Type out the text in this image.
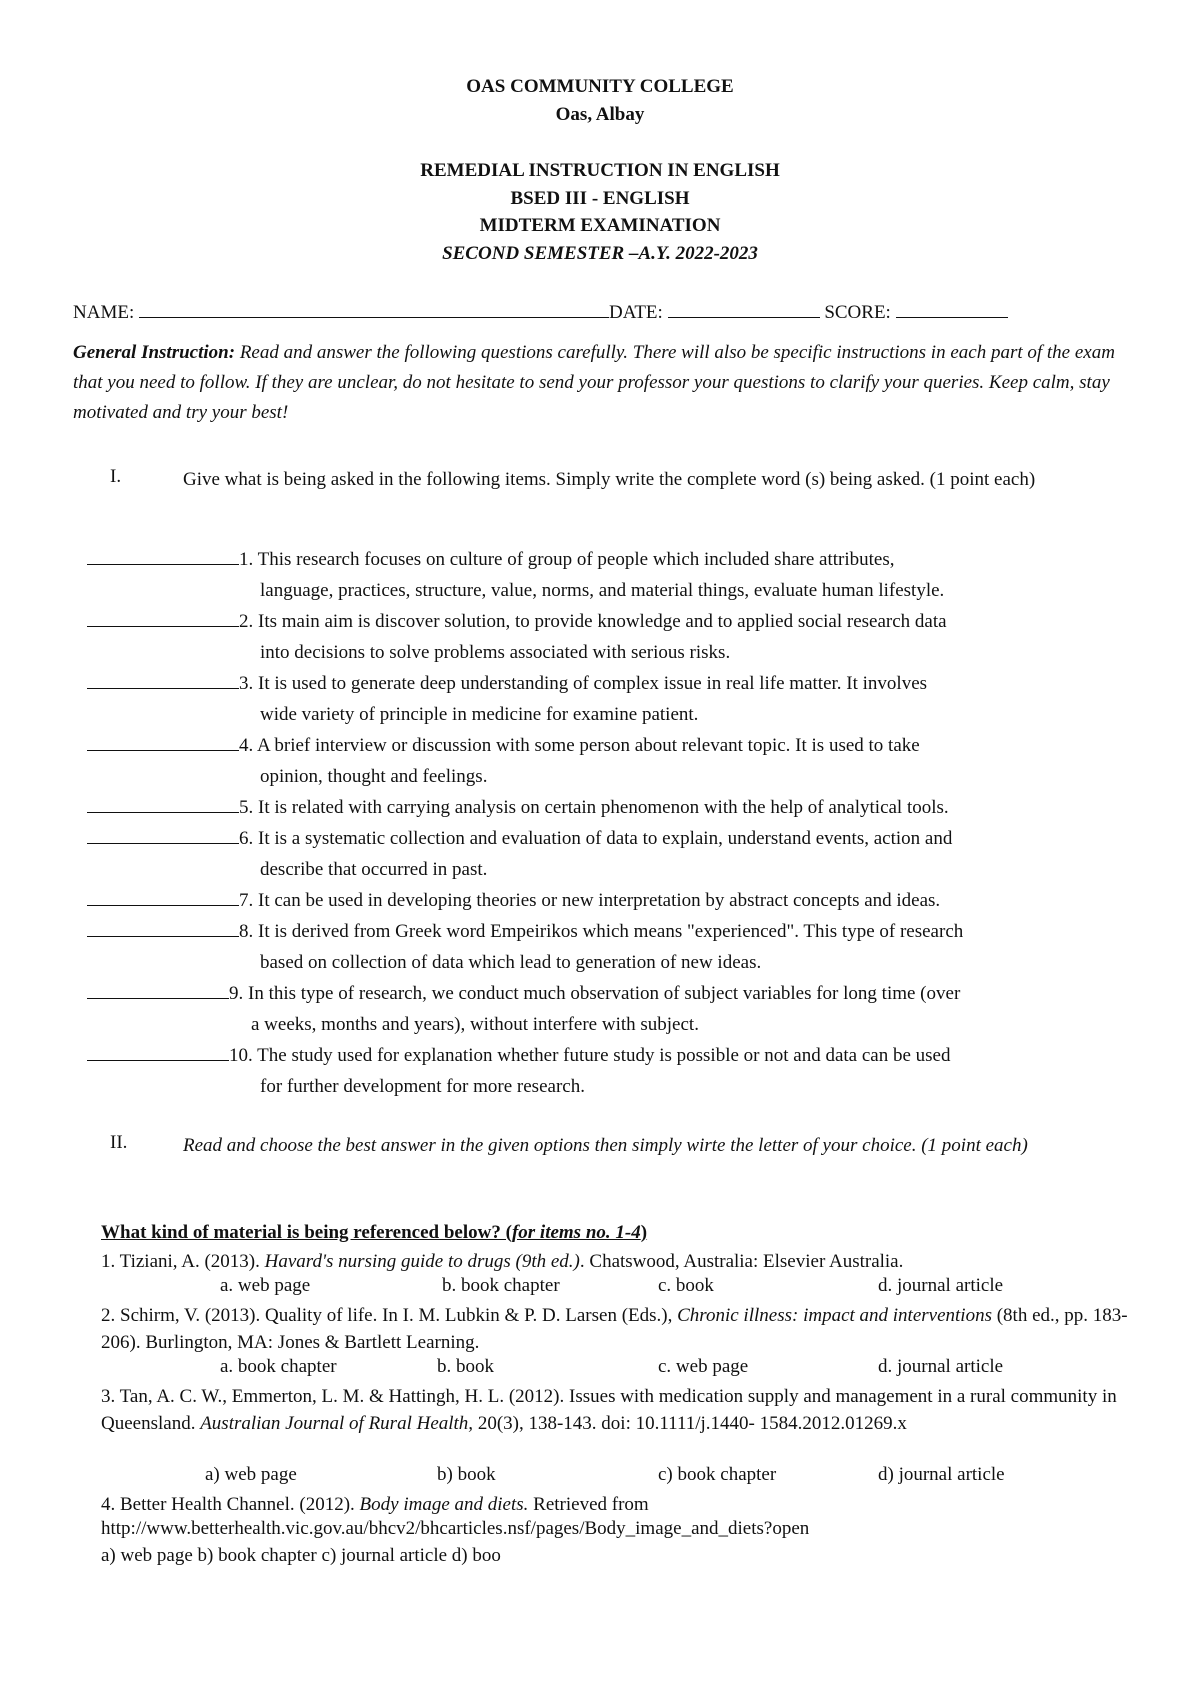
OAS COMMUNITY COLLEGE
Oas, Albay
REMEDIAL INSTRUCTION IN ENGLISH
BSED III - ENGLISH
MIDTERM EXAMINATION
SECOND SEMESTER –A.Y. 2022-2023
NAME:	DATE:	SCORE:
General Instruction: Read and answer the following questions carefully. There will also be specific instructions in each part of the exam that you need to follow. If they are unclear, do not hesitate to send your professor your questions to clarify your queries. Keep calm, stay motivated and try your best!
I.	Give what is being asked in the following items. Simply write the complete word (s) being asked. (1 point each)
1. This research focuses on culture of group of people which included share attributes,
language, practices, structure, value, norms, and material things, evaluate human lifestyle.
2. Its main aim is discover solution, to provide knowledge and to applied social research data
into decisions to solve problems associated with serious risks.
3. It is used to generate deep understanding of complex issue in real life matter. It involves
wide variety of principle in medicine for examine patient.
4. A brief interview or discussion with some person about relevant topic. It is used to take
opinion, thought and feelings.
5. It is related with carrying analysis on certain phenomenon with the help of analytical tools.
6. It is a systematic collection and evaluation of data to explain, understand events, action and
describe that occurred in past.
7. It can be used in developing theories or new interpretation by abstract concepts and ideas.
8. It is derived from Greek word Empeirikos which means "experienced". This type of research
based on collection of data which lead to generation of new ideas.
9. In this type of research, we conduct much observation of subject variables for long time (over
a weeks, months and years), without interfere with subject.
10. The study used for explanation whether future study is possible or not and data can be used
for further development for more research.
II.	Read and choose the best answer in the given options then simply wirte the letter of your choice. (1 point each)
What kind of material is being referenced below? (for items no. 1-4)
1. Tiziani, A. (2013). Havard's nursing guide to drugs (9th ed.). Chatswood, Australia: Elsevier Australia.
a. web page	b. book chapter	c. book	d. journal article
2. Schirm, V. (2013). Quality of life. In I. M. Lubkin & P. D. Larsen (Eds.), Chronic illness: impact and interventions (8th ed., pp. 183-206). Burlington, MA: Jones & Bartlett Learning.
a. book chapter	b. book	c. web page	d. journal article
3. Tan, A. C. W., Emmerton, L. M. & Hattingh, H. L. (2012). Issues with medication supply and management in a rural community in Queensland. Australian Journal of Rural Health, 20(3), 138-143. doi: 10.1111/j.1440- 1584.2012.01269.x
a) web page	b) book	c) book chapter	d) journal article
4. Better Health Channel. (2012). Body image and diets. Retrieved from
http://www.betterhealth.vic.gov.au/bhcv2/bhcarticles.nsf/pages/Body_image_and_diets?open
a) web page b) book chapter c) journal article d) boo
